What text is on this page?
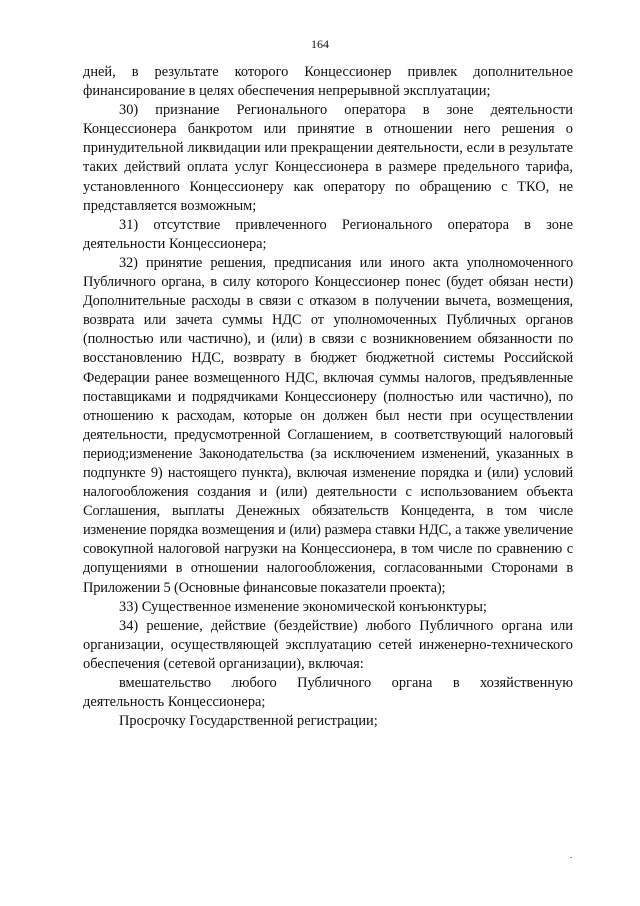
164

дней, в результате которого Концессионер привлек дополнительное финансирование в целях обеспечения непрерывной эксплуатации;

30) признание Регионального оператора в зоне деятельности Концессионера банкротом или принятие в отношении него решения о принудительной ликвидации или прекращении деятельности, если в результате таких действий оплата услуг Концессионера в размере предельного тарифа, установленного Концессионеру как оператору по обращению с ТКО, не представляется возможным;

31) отсутствие привлеченного Регионального оператора в зоне деятельности Концессионера;

32) принятие решения, предписания или иного акта уполномоченного Публичного органа, в силу которого Концессионер понес (будет обязан нести) Дополнительные расходы в связи с отказом в получении вычета, возмещения, возврата или зачета суммы НДС от уполномоченных Публичных органов (полностью или частично), и (или) в связи с возникновением обязанности по восстановлению НДС, возврату в бюджет бюджетной системы Российской Федерации ранее возмещенного НДС, включая суммы налогов, предъявленные поставщиками и подрядчиками Концессионеру (полностью или частично), по отношению к расходам, которые он должен был нести при осуществлении деятельности, предусмотренной Соглашением, в соответствующий налоговый период;изменение Законодательства (за исключением изменений, указанных в подпункте 9) настоящего пункта), включая изменение порядка и (или) условий налогообложения создания и (или) деятельности с использованием объекта Соглашения, выплаты Денежных обязательств Концедента, в том числе изменение порядка возмещения и (или) размера ставки НДС, а также увеличение совокупной налоговой нагрузки на Концессионера, в том числе по сравнению с допущениями в отношении налогообложения, согласованными Сторонами в Приложении 5 (Основные финансовые показатели проекта);

33) Существенное изменение экономической конъюнктуры;

34) решение, действие (бездействие) любого Публичного органа или организации, осуществляющей эксплуатацию сетей инженерно-технического обеспечения (сетевой организации), включая:

вмешательство любого Публичного органа в хозяйственную деятельность Концессионера;

Просрочку Государственной регистрации;
